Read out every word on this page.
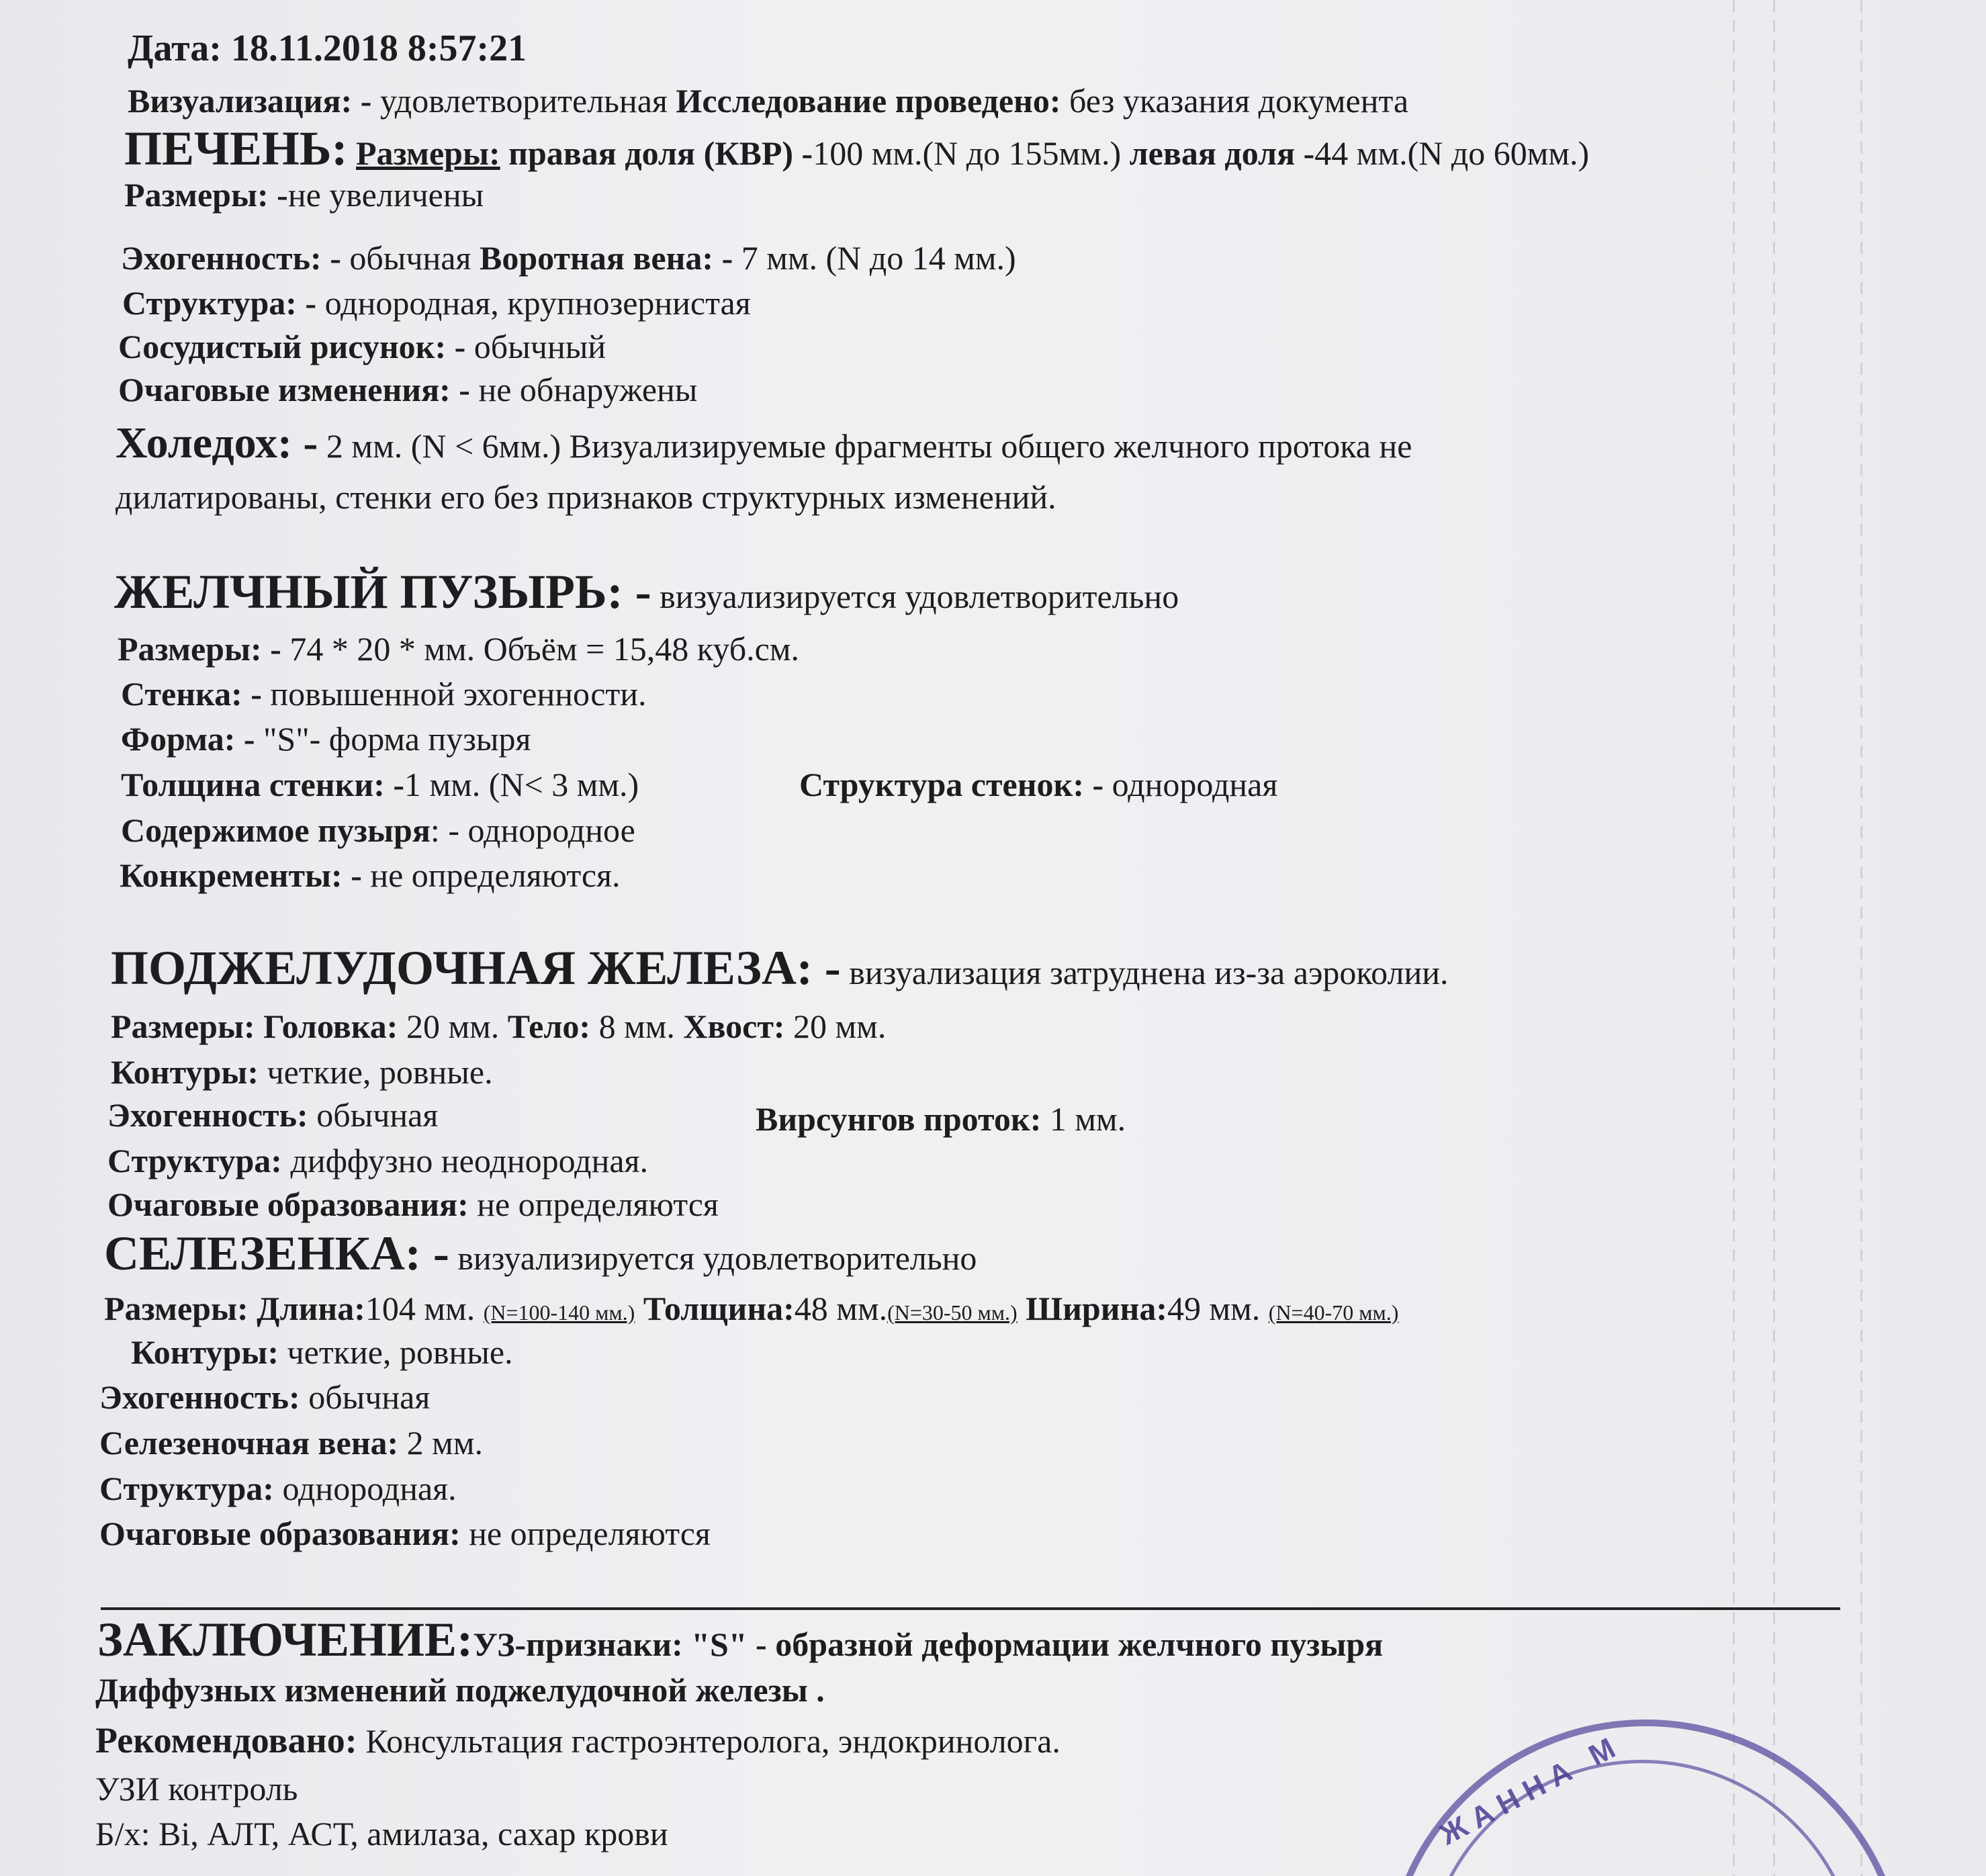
Дата: 18.11.2018 8:57:21
Визуализация: - удовлетворительная Исследование проведено: без указания документа
ПЕЧЕНЬ: Размеры: правая доля (КВР) -100 мм.(N до 155мм.) левая доля -44 мм.(N до 60мм.)
Размеры: -не увеличены
Эхогенность: - обычная Воротная вена: - 7 мм. (N до 14 мм.)
Структура: - однородная, крупнозернистая
Сосудистый рисунок: - обычный
Очаговые изменения: - не обнаружены
Холедох: - 2 мм. (N < 6мм.) Визуализируемые фрагменты общего желчного протока не
дилатированы, стенки его без признаков структурных изменений.
ЖЕЛЧНЫЙ ПУЗЫРЬ: - визуализируется удовлетворительно
Размеры: - 74 * 20 * мм. Объём = 15,48 куб.см.
Стенка: - повышенной эхогенности.
Форма: - "S"- форма пузыря
Толщина стенки: -1 мм. (N< 3 мм.)	Структура стенок: - однородная
Содержимое пузыря: - однородное
Конкременты: - не определяются.
ПОДЖЕЛУДОЧНАЯ ЖЕЛЕЗА: - визуализация затруднена из-за аэроколии.
Размеры: Головка: 20 мм. Тело: 8 мм. Хвост: 20 мм.
Контуры: четкие, ровные.
Эхогенность: обычная	Вирсунгов проток: 1 мм.
Структура: диффузно неоднородная.
Очаговые образования: не определяются
СЕЛЕЗЕНКА: - визуализируется удовлетворительно
Размеры: Длина:104 мм. (N=100-140 мм.) Толщина:48 мм.(N=30-50 мм.) Ширина:49 мм. (N=40-70 мм.)
Контуры: четкие, ровные.
Эхогенность: обычная
Селезеночная вена: 2 мм.
Структура: однородная.
Очаговые образования: не определяются
ЗАКЛЮЧЕНИЕ:УЗ-признаки: "S" - образной деформации желчного пузыря
Диффузных изменений поджелудочной железы .
Рекомендовано: Консультация гастроэнтеролога, эндокринолога.
УЗИ контроль
Б/х: Bi, АЛТ, АСТ, амилаза, сахар крови	ЖАННА М
